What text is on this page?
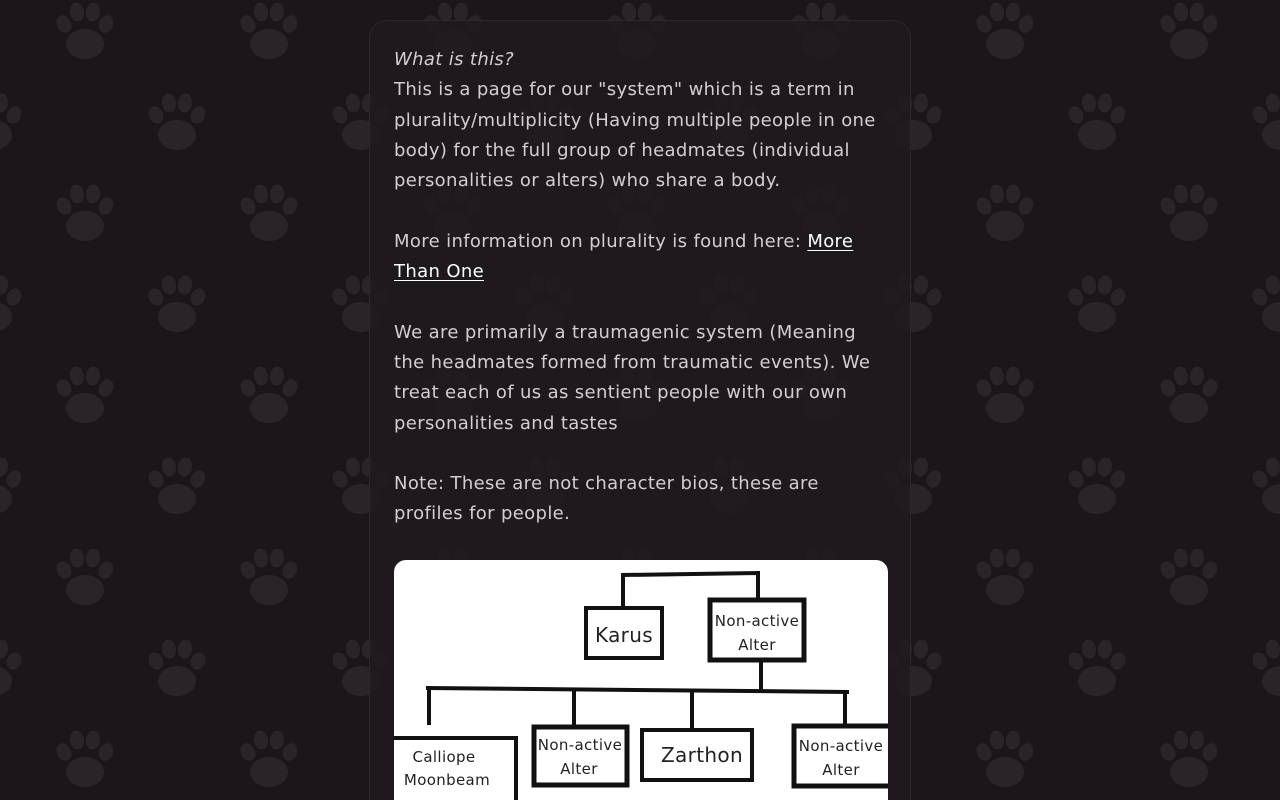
What is this?
This is a page for our "system" which is a term in plurality/multiplicity (Having multiple people in one body) for the full group of headmates (individual personalities or alters) who share a body.

More information on plurality is found here: More Than One

We are primarily a traumagenic system (Meaning the headmates formed from traumatic events). We treat each of us as sentient people with our own personalities and tastes

Note: These are not character bios, these are profiles for people.

Karus
Non-active
Alter
Calliope
Moonbeam
Non-active
Alter
Zarthon	Non-active
Alter
